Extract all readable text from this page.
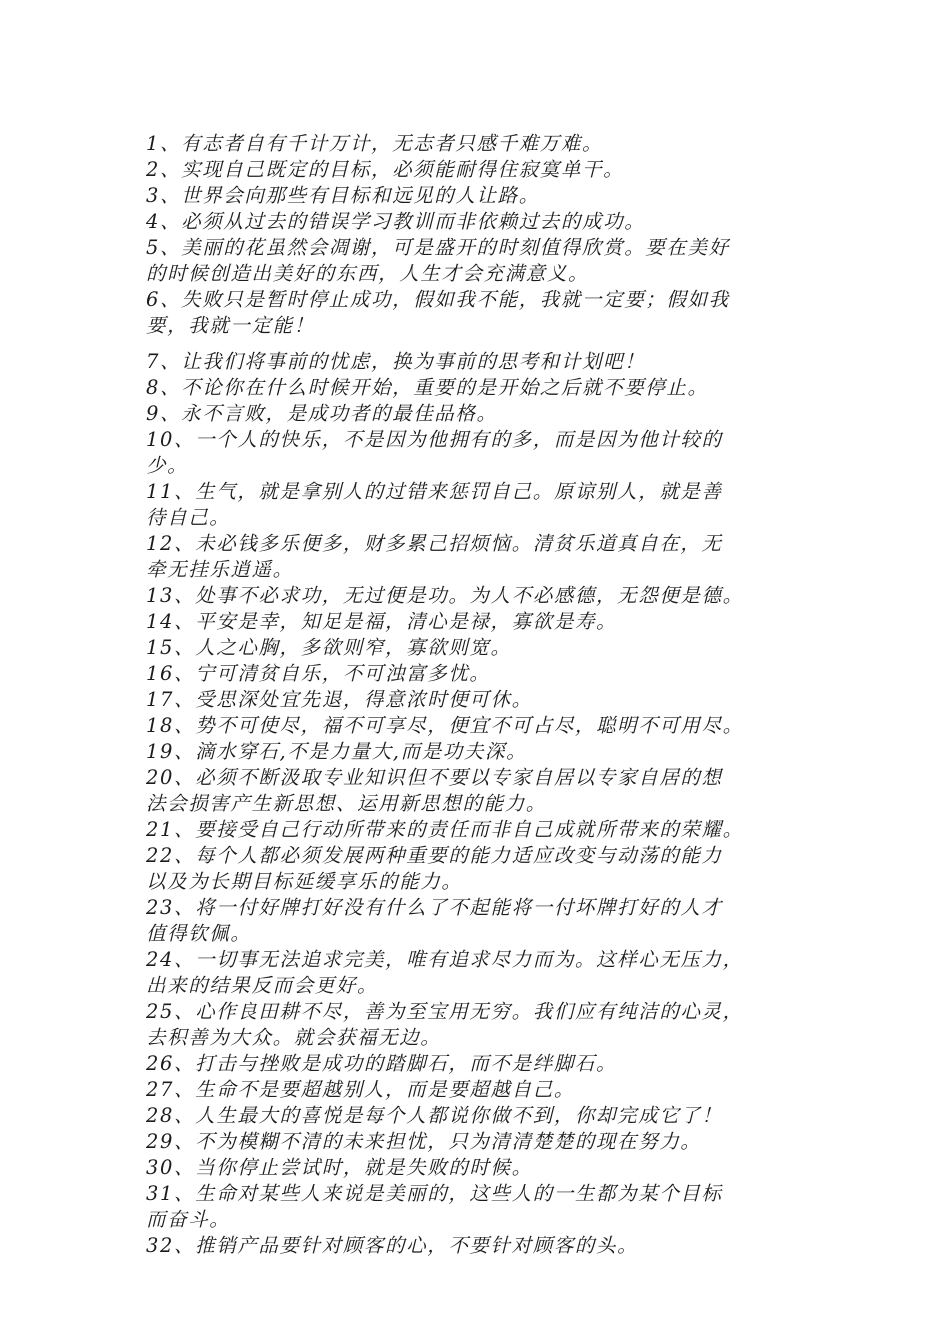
1、有志者自有千计万计，无志者只感千难万难。

2、实现自己既定的目标，必须能耐得住寂寞单干。

3、世界会向那些有目标和远见的人让路。

4、必须从过去的错误学习教训而非依赖过去的成功。

5、美丽的花虽然会凋谢，可是盛开的时刻值得欣赏。要在美好

的时候创造出美好的东西，人生才会充满意义。

6、失败只是暂时停止成功，假如我不能，我就一定要；假如我

要，我就一定能！

7、让我们将事前的忧虑，换为事前的思考和计划吧！

8、不论你在什么时候开始，重要的是开始之后就不要停止。

9、永不言败，是成功者的最佳品格。

10、一个人的快乐，不是因为他拥有的多，而是因为他计较的

少。

11、生气，就是拿别人的过错来惩罚自己。原谅别人，就是善

待自己。

12、未必钱多乐便多，财多累己招烦恼。清贫乐道真自在，无

牵无挂乐逍遥。

13、处事不必求功，无过便是功。为人不必感德，无怨便是德。

14、平安是幸，知足是福，清心是禄，寡欲是寿。

15、人之心胸，多欲则窄，寡欲则宽。

16、宁可清贫自乐，不可浊富多忧。

17、受思深处宜先退，得意浓时便可休。

18、势不可使尽，福不可享尽，便宜不可占尽，聪明不可用尽。

19、滴水穿石,不是力量大,而是功夫深。

20、必须不断汲取专业知识但不要以专家自居以专家自居的想

法会损害产生新思想、运用新思想的能力。

21、要接受自己行动所带来的责任而非自己成就所带来的荣耀。

22、每个人都必须发展两种重要的能力适应改变与动荡的能力

以及为长期目标延缓享乐的能力。

23、将一付好牌打好没有什么了不起能将一付坏牌打好的人才

值得钦佩。

24、一切事无法追求完美，唯有追求尽力而为。这样心无压力，

出来的结果反而会更好。

25、心作良田耕不尽，善为至宝用无穷。我们应有纯洁的心灵，

去积善为大众。就会获福无边。

26、打击与挫败是成功的踏脚石，而不是绊脚石。

27、生命不是要超越别人，而是要超越自己。

28、人生最大的喜悦是每个人都说你做不到，你却完成它了！

29、不为模糊不清的未来担忧，只为清清楚楚的现在努力。

30、当你停止尝试时，就是失败的时候。

31、生命对某些人来说是美丽的，这些人的一生都为某个目标

而奋斗。

32、推销产品要针对顾客的心，不要针对顾客的头。
